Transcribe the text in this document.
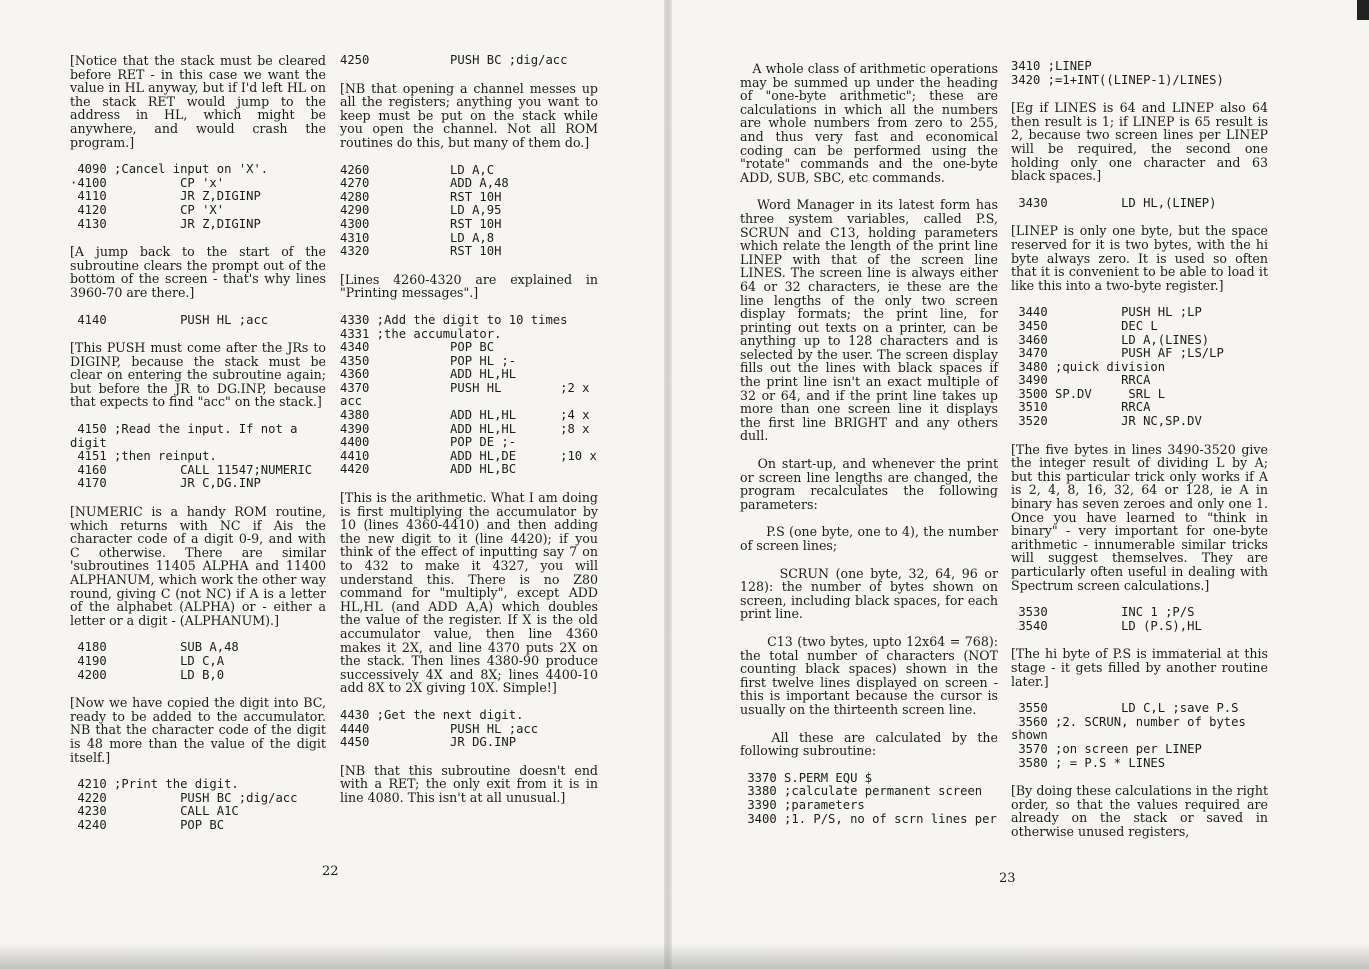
[Notice that the stack must be cleared before RET - in this case we want the value in HL anyway, but if I'd left HL on the stack RET would jump to the address in HL, which might be anywhere, and would crash the program.]

4090 ;Cancel input on 'X'.
·4100          CP 'x'
4110          JR Z,DIGINP
4120          CP 'X'
4130          JR Z,DIGINP

[A jump back to the start of the subroutine clears the prompt out of the bottom of the screen - that's why lines 3960-70 are there.]

4140          PUSH HL ;acc

[This PUSH must come after the JRs to DIGINP, because the stack must be clear on entering the subroutine again; but before the JR to DG.INP, because that expects to find "acc" on the stack.]

4150 ;Read the input. If not a digit
4151 ;then reinput.
4160          CALL 11547;NUMERIC
4170          JR C,DG.INP

[NUMERIC is a handy ROM routine, which returns with NC if Ais the character code of a digit 0-9, and with C otherwise. There are similar 'subroutines 11405 ALPHA and 11400 ALPHANUM, which work the other way round, giving C (not NC) if A is a letter of the alphabet (ALPHA) or - either a letter or a digit - (ALPHANUM).]

4180          SUB A,48
4190          LD C,A
4200          LD B,0

[Now we have copied the digit into BC, ready to be added to the accumulator. NB that the character code of the digit is 48 more than the value of the digit itself.]

4210 ;Print the digit.
4220          PUSH BC ;dig/acc
4230          CALL A1C
4240          POP BC

4250           PUSH BC ;dig/acc

[NB that opening a channel messes up all the registers; anything you want to keep must be put on the stack while you open the channel. Not all ROM routines do this, but many of them do.]

4260           LD A,C
4270           ADD A,48
4280           RST 10H
4290           LD A,95
4300           RST 10H
4310           LD A,8
4320           RST 10H

[Lines 4260-4320 are explained in "Printing messages".]

4330 ;Add the digit to 10 times
4331 ;the accumulator.
4340           POP BC
4350           POP HL ;-
4360           ADD HL,HL
4370           PUSH HL        ;2 x acc
4380           ADD HL,HL      ;4 x
4390           ADD HL,HL      ;8 x
4400           POP DE ;-
4410           ADD HL,DE      ;10 x
4420           ADD HL,BC

[This is the arithmetic. What I am doing is first multiplying the accumulator by 10 (lines 4360-4410) and then adding the new digit to it (line 4420); if you think of the effect of inputting say 7 on to 432 to make it 4327, you will understand this. There is no Z80 command for "multiply", except ADD HL,HL (and ADD A,A) which doubles the value of the register. If X is the old accumulator value, then line 4360 makes it 2X, and line 4370 puts 2X on the stack. Then lines 4380-90 produce successively 4X and 8X; lines 4400-10 add 8X to 2X giving 10X. Simple!]

4430 ;Get the next digit.
4440           PUSH HL ;acc
4450           JR DG.INP

[NB that this subroutine doesn't end with a RET; the only exit from it is in line 4080. This isn't at all unusual.]

22

A whole class of arithmetic operations may be summed up under the heading of "one-byte arithmetic"; these are calculations in which all the numbers are whole numbers from zero to 255, and thus very fast and economical coding can be performed using the "rotate" commands and the one-byte ADD, SUB, SBC, etc commands.

Word Manager in its latest form has three system variables, called P.S, SCRUN and C13, holding parameters which relate the length of the print line LINEP with that of the screen line LINES. The screen line is always either 64 or 32 characters, ie these are the line lengths of the only two screen display formats; the print line, for printing out texts on a printer, can be anything up to 128 characters and is selected by the user. The screen display fills out the lines with black spaces if the print line isn't an exact multiple of 32 or 64, and if the print line takes up more than one screen line it displays the first line BRIGHT and any others dull.

On start-up, and whenever the print or screen line lengths are changed, the program recalculates the following parameters:

P.S (one byte, one to 4), the number of screen lines;

SCRUN (one byte, 32, 64, 96 or 128): the number of bytes shown on screen, including black spaces, for each print line.

C13 (two bytes, upto 12x64 = 768): the total number of characters (NOT counting black spaces) shown in the first twelve lines displayed on screen - this is important because the cursor is usually on the thirteenth screen line.

All these are calculated by the following subroutine:

3370 S.PERM EQU $
3380 ;calculate permanent screen
3390 ;parameters
3400 ;1. P/S, no of scrn lines per

3410 ;LINEP
3420 ;=1+INT((LINEP-1)/LINES)

[Eg if LINES is 64 and LINEP also 64 then result is 1; if LINEP is 65 result is 2, because two screen lines per LINEP will be required, the second one holding only one character and 63 black spaces.]

3430          LD HL,(LINEP)

[LINEP is only one byte, but the space reserved for it is two bytes, with the hi byte always zero. It is used so often that it is convenient to be able to load it like this into a two-byte register.]

3440          PUSH HL ;LP
3450          DEC L
3460          LD A,(LINES)
3470          PUSH AF ;LS/LP
3480 ;quick division
3490          RRCA
3500 SP.DV     SRL L
3510          RRCA
3520          JR NC,SP.DV

[The five bytes in lines 3490-3520 give the integer result of dividing L by A; but this particular trick only works if A is 2, 4, 8, 16, 32, 64 or 128, ie A in binary has seven zeroes and only one 1. Once you have learned to "think in binary" - very important for one-byte arithmetic - innumerable similar tricks will suggest themselves. They are particularly often useful in dealing with Spectrum screen calculations.]

3530          INC 1 ;P/S
3540          LD (P.S),HL

[The hi byte of P.S is immaterial at this stage - it gets filled by another routine later.]

3550          LD C,L ;save P.S
3560 ;2. SCRUN, number of bytes shown
3570 ;on screen per LINEP
3580 ; = P.S * LINES

[By doing these calculations in the right order, so that the values required are already on the stack or saved in otherwise unused registers,

23
